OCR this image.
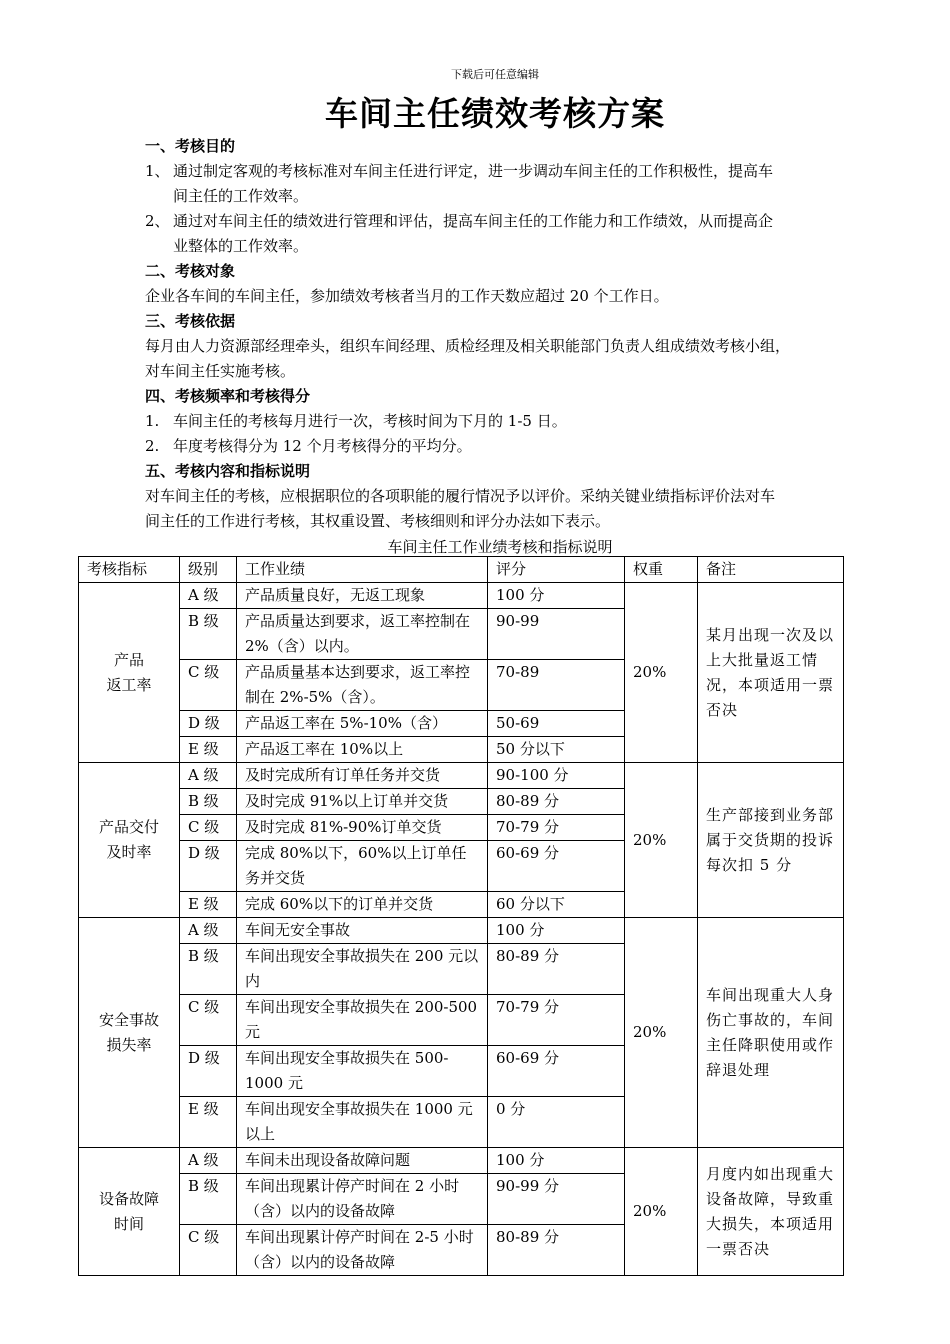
下载后可任意编辑
车间主任绩效考核方案
一、考核目的
1、 通过制定客观的考核标准对车间主任进行评定，进一步调动车间主任的工作积极性，提高车
间主任的工作效率。
2、 通过对车间主任的绩效进行管理和评估，提高车间主任的工作能力和工作绩效，从而提高企
业整体的工作效率。
二、考核对象
企业各车间的车间主任，参加绩效考核者当月的工作天数应超过 20 个工作日。
三、考核依据
每月由人力资源部经理牵头，组织车间经理、质检经理及相关职能部门负责人组成绩效考核小组，
对车间主任实施考核。
四、考核频率和考核得分
1. 车间主任的考核每月进行一次，考核时间为下月的 1-5 日。
2. 年度考核得分为 12 个月考核得分的平均分。
五、考核内容和指标说明
对车间主任的考核，应根据职位的各项职能的履行情况予以评价。采纳关键业绩指标评价法对车
间主任的工作进行考核，其权重设置、考核细则和评分办法如下表示。
车间主任工作业绩考核和指标说明
考核指标	级别	工作业绩	评分	权重	备注

产品
返工率	A 级	产品质量良好，无返工现象	100 分	20%	某月出现一次及以上大批量返工情况，本项适用一票否决
	B 级	产品质量达到要求，返工率控制在 2%（含）以内。	90-99		
	C 级	产品质量基本达到要求，返工率控制在 2%-5%（含）。	70-89		
	D 级	产品返工率在 5%-10%（含）	50-69		
	E 级	产品返工率在 10%以上	50 分以下		

产品交付
及时率	A 级	及时完成所有订单任务并交货	90-100 分	20%	生产部接到业务部属于交货期的投诉每次扣 5 分
	B 级	及时完成 91%以上订单并交货	80-89 分		
	C 级	及时完成 81%-90%订单交货	70-79 分		
	D 级	完成 80%以下，60%以上订单任务并交货	60-69 分		
	E 级	完成 60%以下的订单并交货	60 分以下		

安全事故
损失率	A 级	车间无安全事故	100 分	20%	车间出现重大人身伤亡事故的，车间主任降职使用或作辞退处理
	B 级	车间出现安全事故损失在 200 元以内	80-89 分		
	C 级	车间出现安全事故损失在 200-500 元	70-79 分		
	D 级	车间出现安全事故损失在 500-1000 元	60-69 分		
	E 级	车间出现安全事故损失在 1000 元以上	0 分		

设备故障
时间	A 级	车间未出现设备故障问题	100 分	20%	月度内如出现重大设备故障，导致重大损失，本项适用一票否决
	B 级	车间出现累计停产时间在 2 小时（含）以内的设备故障	90-99 分		
	C 级	车间出现累计停产时间在 2-5 小时（含）以内的设备故障	80-89 分		
